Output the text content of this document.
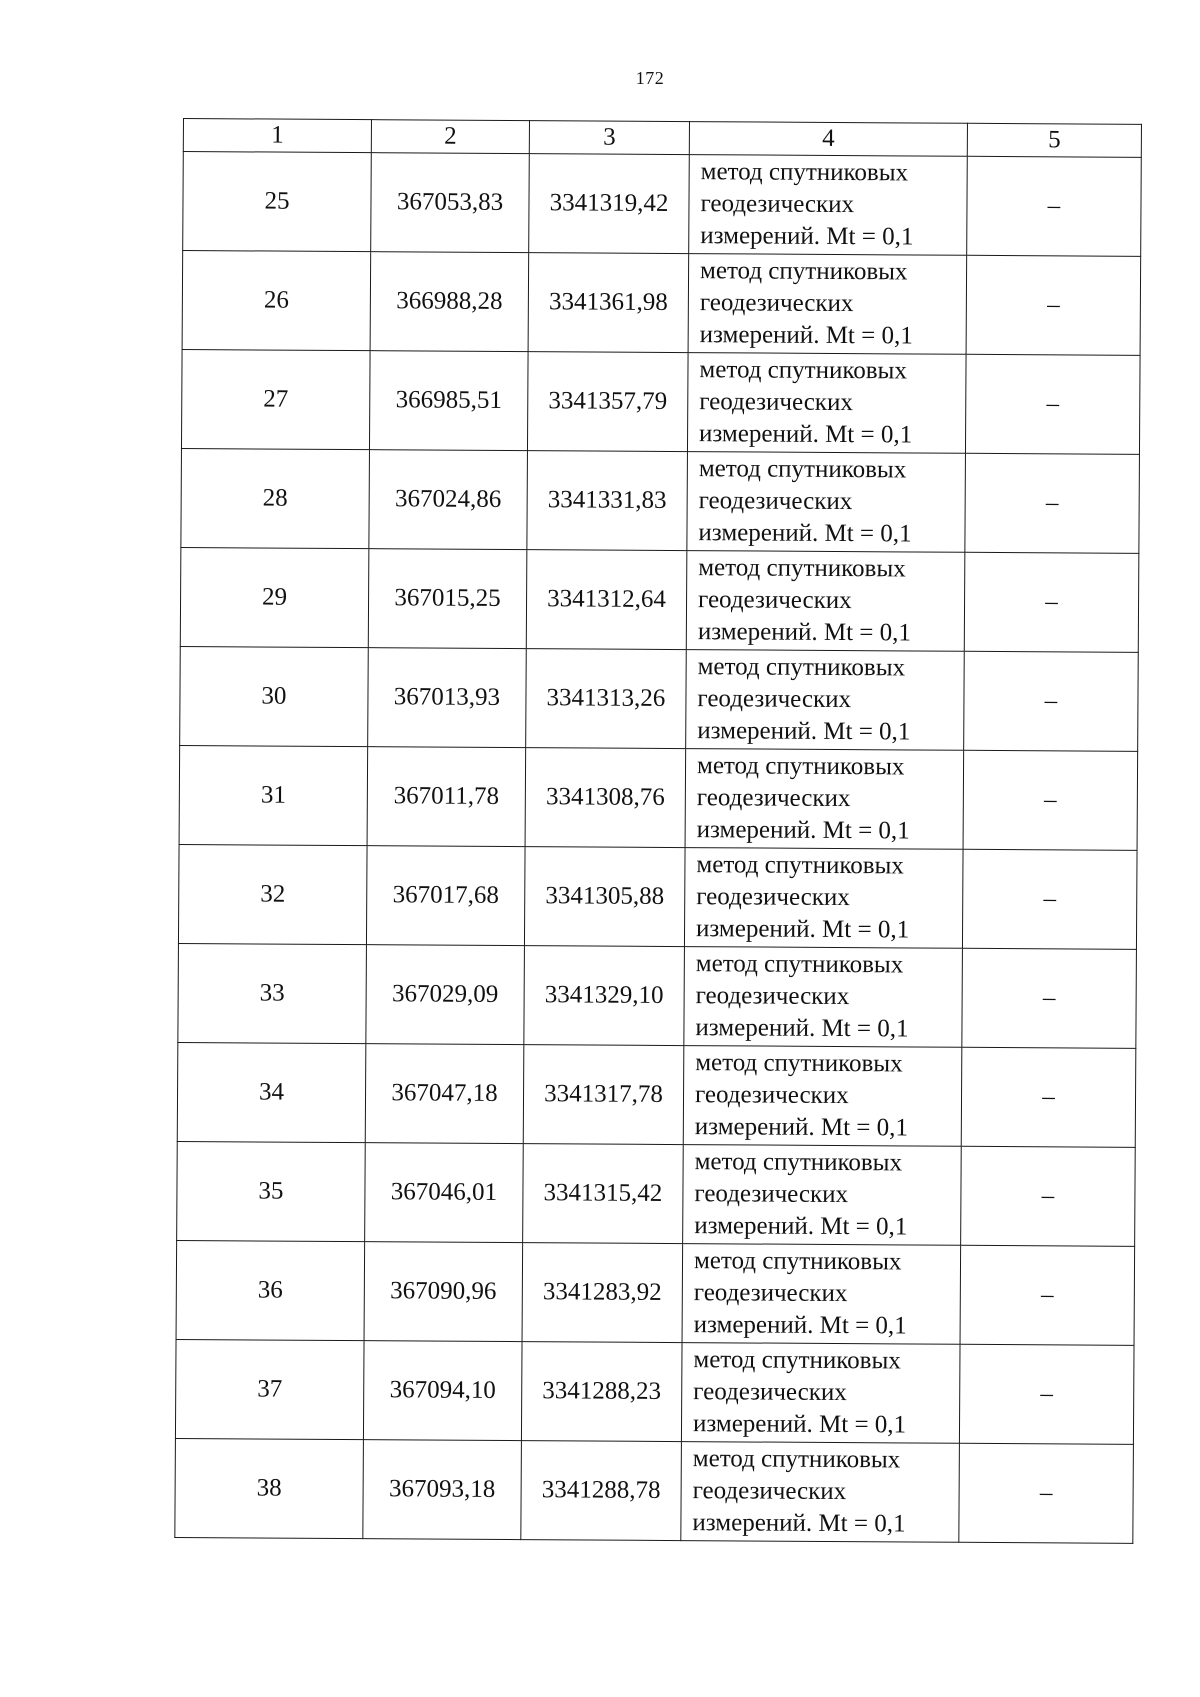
172
1	2	3	4	5
25	367053,83	3341319,42	метод спутниковых
геодезических
измерений. Mt = 0,1	–
26	366988,28	3341361,98	метод спутниковых
геодезических
измерений. Mt = 0,1	–
27	366985,51	3341357,79	метод спутниковых
геодезических
измерений. Mt = 0,1	–
28	367024,86	3341331,83	метод спутниковых
геодезических
измерений. Mt = 0,1	–
29	367015,25	3341312,64	метод спутниковых
геодезических
измерений. Mt = 0,1	–
30	367013,93	3341313,26	метод спутниковых
геодезических
измерений. Mt = 0,1	–
31	367011,78	3341308,76	метод спутниковых
геодезических
измерений. Mt = 0,1	–
32	367017,68	3341305,88	метод спутниковых
геодезических
измерений. Mt = 0,1	–
33	367029,09	3341329,10	метод спутниковых
геодезических
измерений. Mt = 0,1	–
34	367047,18	3341317,78	метод спутниковых
геодезических
измерений. Mt = 0,1	–
35	367046,01	3341315,42	метод спутниковых
геодезических
измерений. Mt = 0,1	–
36	367090,96	3341283,92	метод спутниковых
геодезических
измерений. Mt = 0,1	–
37	367094,10	3341288,23	метод спутниковых
геодезических
измерений. Mt = 0,1	–
38	367093,18	3341288,78	метод спутниковых
геодезических
измерений. Mt = 0,1	–
